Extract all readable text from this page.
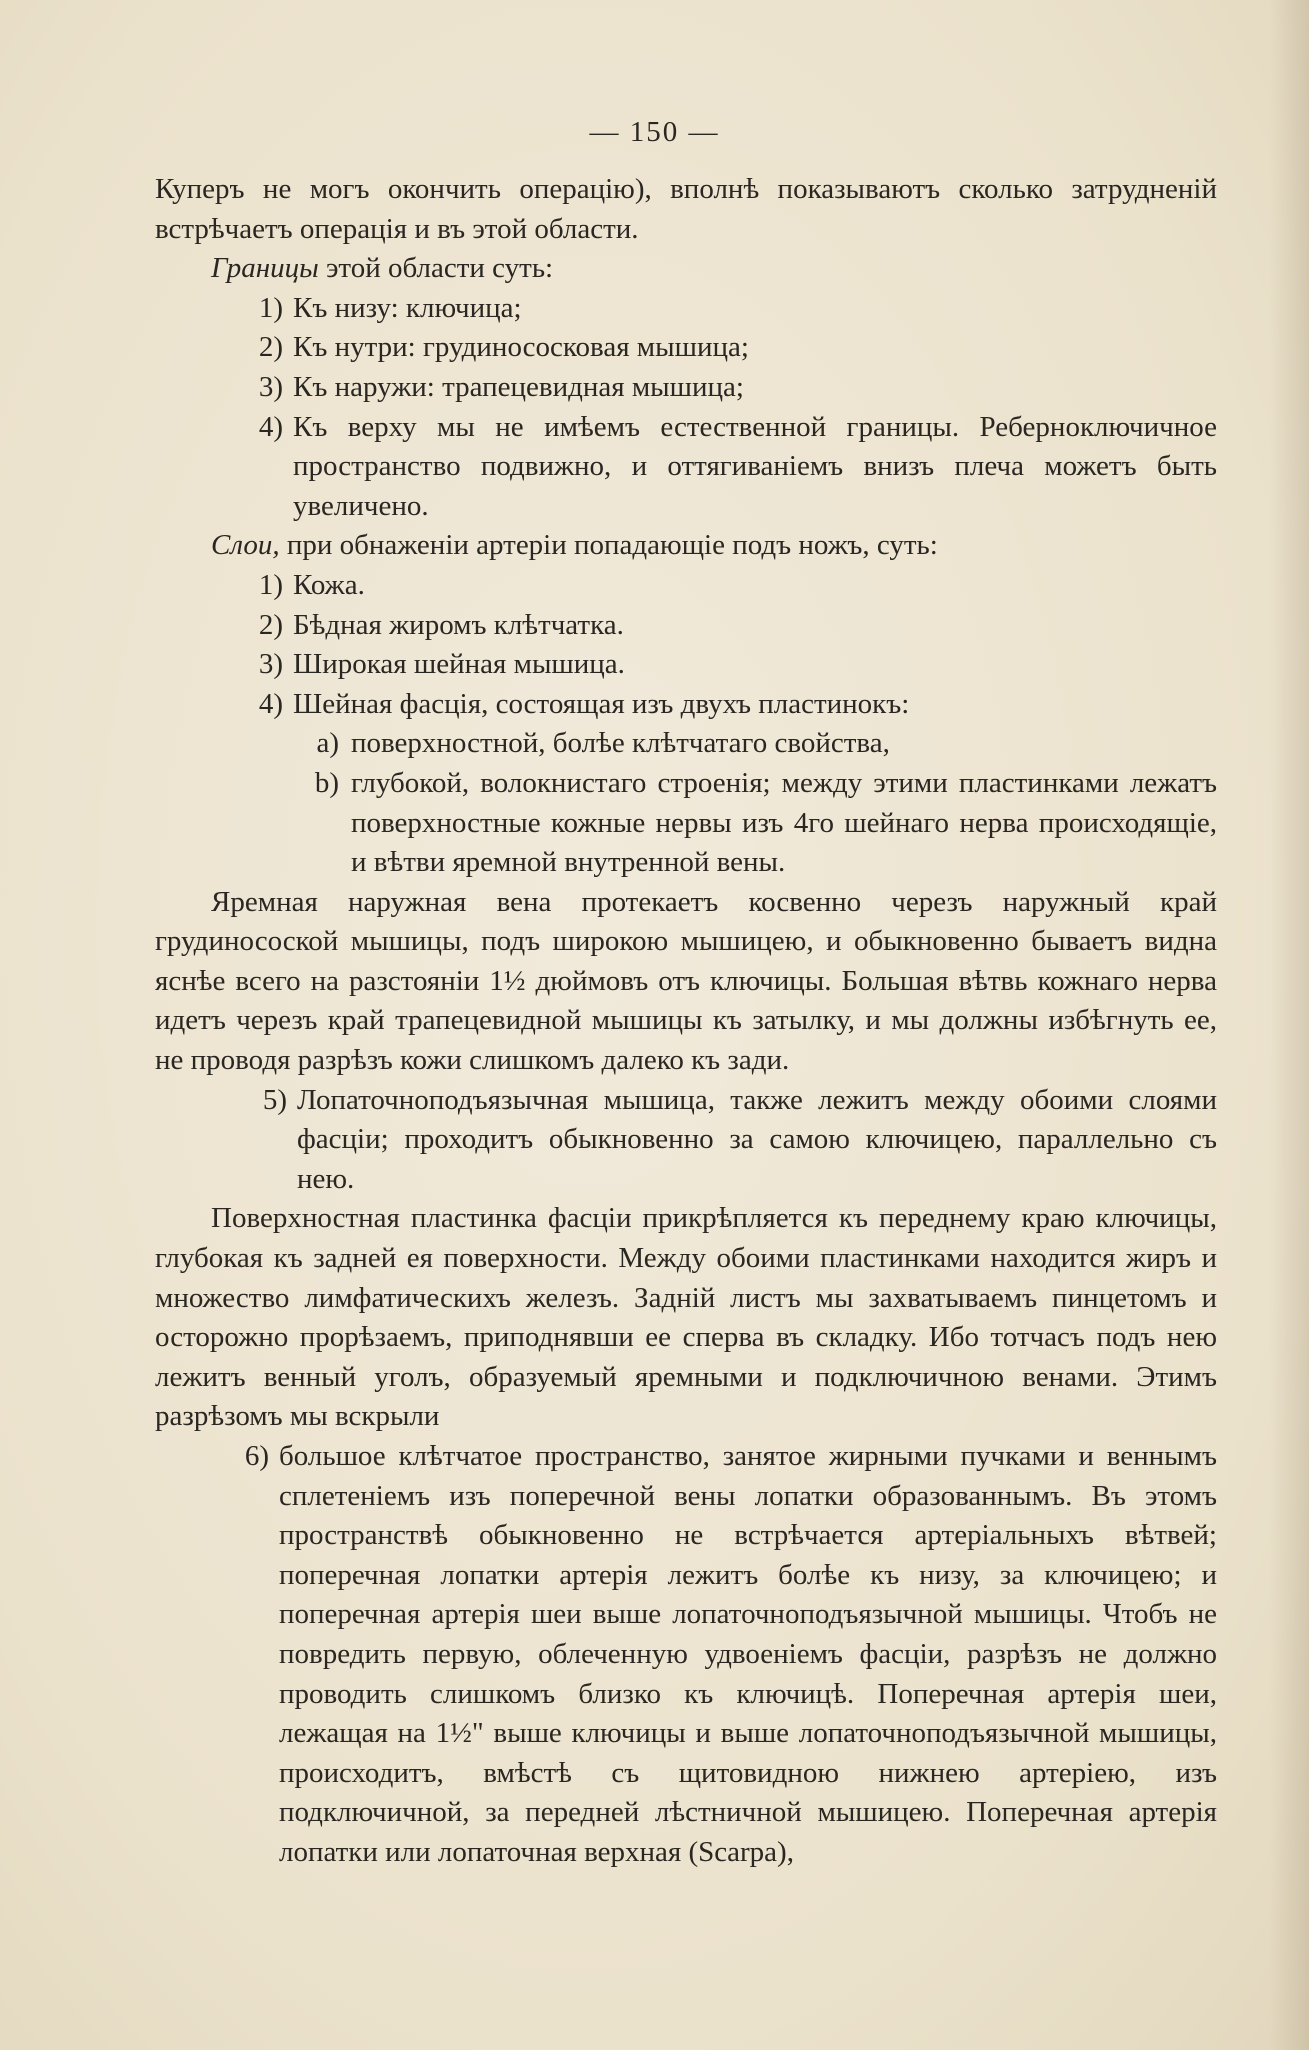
— 150 —

Куперъ не могъ окончить операцію), вполнѣ показываютъ сколько затрудненій встрѣчаетъ операція и въ этой области.

Границы этой области суть:

1) Къ низу: ключица;
2) Къ нутри: грудиносоcковая мышица;
3) Къ наружи: трапецевидная мышица;
4) Къ верху мы не имѣемъ естественной границы. Реберноключичное пространство подвижно, и оттягиваніемъ внизъ плеча можетъ быть увеличено.

Слои, при обнаженіи артеріи попадающіе подъ ножъ, суть:

1) Кожа.
2) Бѣдная жиромъ клѣтчатка.
3) Широкая шейная мышица.
4) Шейная фасція, состоящая изъ двухъ пластинокъ:
a) поверхностной, болѣе клѣтчатаго свойства,
b) глубокой, волокнистаго строенія; между этими пластинками лежатъ поверхностные кожные нервы изъ 4го шейнаго нерва происходящіе, и вѣтви яремной внутренной вены.

Яремная наружная вена протекаетъ косвенно черезъ наружный край грудиносоской мышицы, подъ широкою мышицею, и обыкновенно бываетъ видна яснѣе всего на разстояніи 1½ дюймовъ отъ ключицы. Большая вѣтвь кожнаго нерва идетъ черезъ край трапецевидной мышицы къ затылку, и мы должны избѣгнуть ее, не проводя разрѣзъ кожи слишкомъ далеко къ зади.

5) Лопаточноподъязычная мышица, также лежитъ между обоими слоями фасціи; проходитъ обыкновенно за самою ключицею, параллельно съ нею.

Поверхностная пластинка фасціи прикрѣпляется къ переднему краю ключицы, глубокая къ задней ея поверхности. Между обоими пластинками находится жиръ и множество лимфатическихъ железъ. Задній листъ мы захватываемъ пинцетомъ и осторожно прорѣзаемъ, приподнявши ее сперва въ складку. Ибо тотчасъ подъ нею лежитъ венный уголъ, образуемый яремными и подключичною венами. Этимъ разрѣзомъ мы вскрыли

6) большое клѣтчатое пространство, занятое жирными пучками и веннымъ сплетеніемъ изъ поперечной вены лопатки образованнымъ. Въ этомъ пространствѣ обыкновенно не встрѣчается артеріальныхъ вѣтвей; поперечная лопатки артерія лежитъ болѣе къ низу, за ключицею; и поперечная артерія шеи выше лопаточноподъязычной мышицы. Чтобъ не повредить первую, облеченную удвоеніемъ фасціи, разрѣзъ не должно проводить слишкомъ близко къ ключицѣ. Поперечная артерія шеи, лежащая на 1½" выше ключицы и выше лопаточноподъязычной мышицы, происходитъ, вмѣстѣ съ щитовидною нижнею артеріею, изъ подключичной, за передней лѣстничной мышицею. Поперечная артерія лопатки или лопаточная верхная (Scarpa),
